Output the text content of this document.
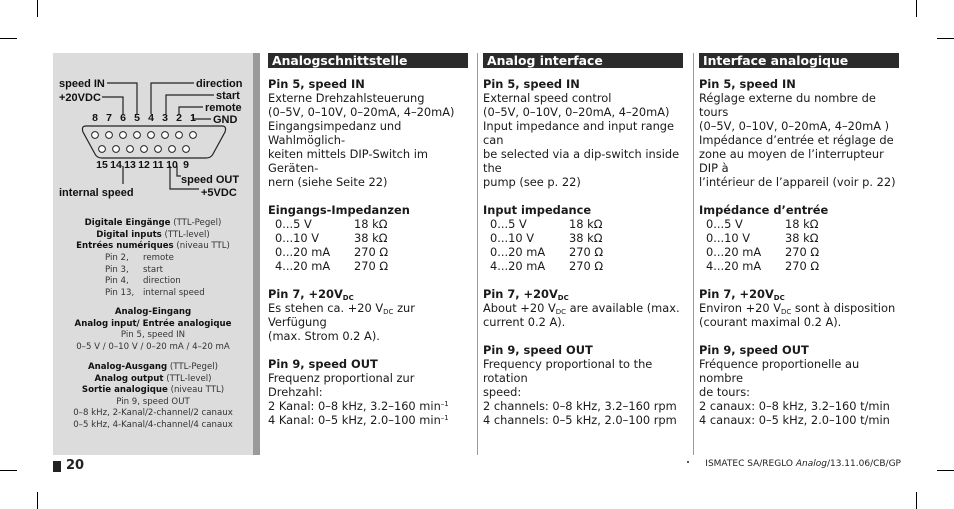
speed IN
+20VDC
direction
start
remote
GND
speed OUT
+5VDC
internal speed
8 7 6 5 4 3 2 1
15 14 13 12 11 10 9
Digitale Eingänge (TTL-Pegel)
Digital inputs (TTL-level)
Entrées numériques (niveau TTL)
Pin 2, remote
Pin 3, start
Pin 4, direction
Pin 13, internal speed
Analog-Eingang
Analog input/ Entrée analogique
Pin 5, speed IN
0–5 V / 0–10 V / 0–20 mA / 4–20 mA
Analog-Ausgang (TTL-Pegel)
Analog output (TTL-level)
Sortie analogique (niveau TTL)
Pin 9, speed OUT
0–8 kHz, 2-Kanal/2-channel/2 canaux
0–5 kHz, 4-Kanal/4-channel/4 canaux
Analogschnittstelle

Pin 5, speed IN

Externe Drehzahlsteuerung

(0–5V, 0–10V, 0–20mA, 4–20mA)

Eingangsimpedanz und Wahlmöglich-

keiten mittels DIP-Switch im Geräten-

nern (siehe Seite 22)

Eingangs-Impedanzen

0...5 V	18 kΩ
0...10 V	38 kΩ
0...20 mA	270 Ω
4...20 mA	270 Ω

Pin 7, $+20V_{DC}$

Es stehen ca. +20 $V_{DC}$ zur Verfügung

(max. Strom 0.2 A).

Pin 9, speed OUT

Frequenz proportional zur

Drehzahl:

2 Kanal: 0–8 kHz, 3.2–160 $\min^{-1}$

4 Kanal: 0–5 kHz, 2.0–100 $\min^{-1}$

Analog interface

Pin 5, speed IN

External speed control

(0–5V, 0–10V, 0–20mA, 4–20mA)

Input impedance and input range can

be selected via a dip-switch inside the

pump (see p. 22)

Input impedance

0...5 V	18 kΩ
0...10 V	38 kΩ
0...20 mA	270 Ω
4...20 mA	270 Ω

Pin 7, $+20V_{DC}$

About +20 $V_{DC}$ are available (max.

current 0.2 A).

Pin 9, speed OUT

Frequency proportional to the rotation

speed:

2 channels: 0–8 kHz, 3.2–160 rpm

4 channels: 0–5 kHz, 2.0–100 rpm

Interface analogique

Pin 5, speed IN

Réglage externe du nombre de tours

(0–5V, 0–10V, 0–20mA, 4–20mA )

Impédance d’entrée et réglage de

zone au moyen de l’interrupteur DIP à

l’intérieur de l’appareil (voir p. 22)

Impédance d’entrée

0...5 V	18 kΩ
0...10 V	38 kΩ
0...20 mA	270 Ω
4...20 mA	270 Ω

Pin 7, $+20V_{DC}$

Environ +20 $V_{DC}$ sont à disposition

(courant maximal 0.2 A).

Pin 9, speed OUT

Fréquence proportionelle au nombre

de tours:

2 canaux: 0–8 kHz, 3.2–160 t/min

4 canaux: 0–5 kHz, 2.0–100 t/min

20	ISMATEC SA/REGLO Analog/13.11.06/CB/GP
